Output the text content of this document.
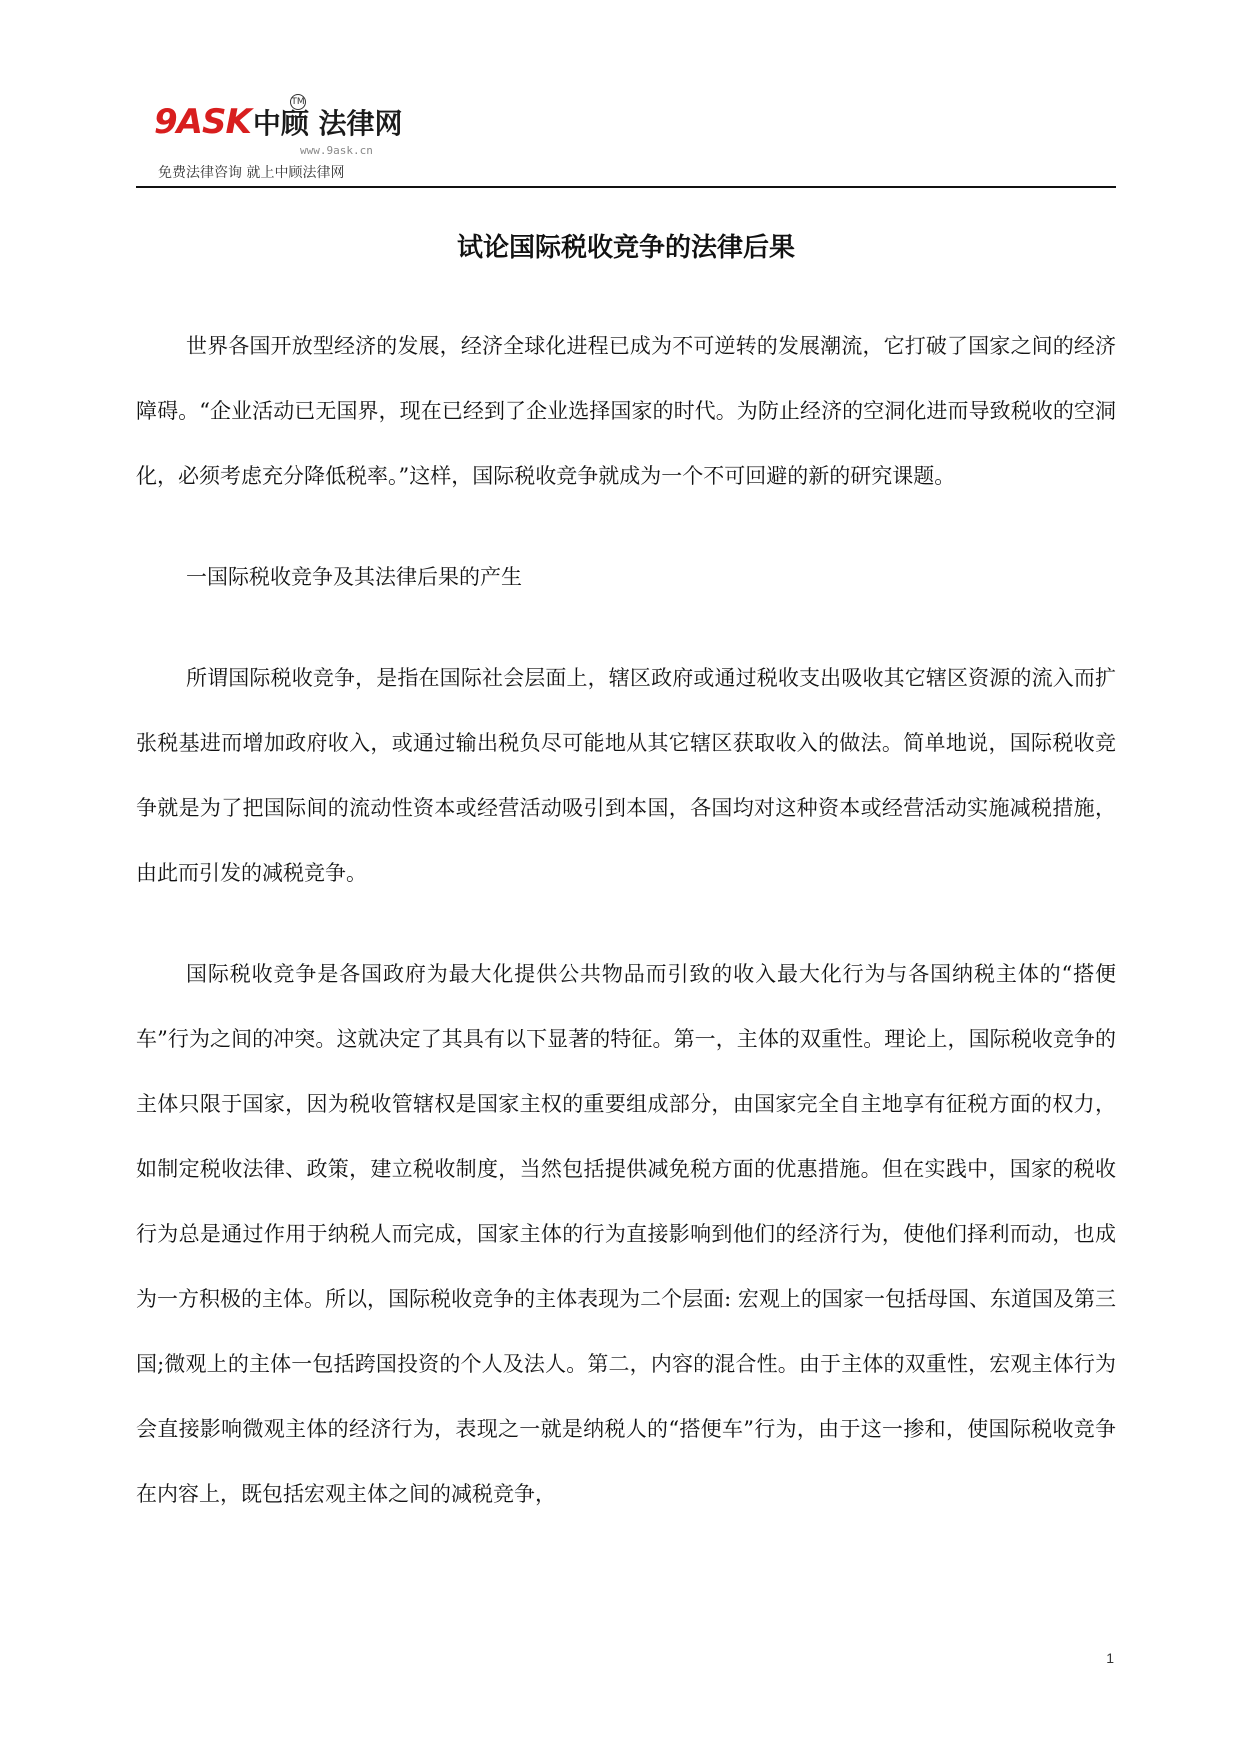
9ASK中顾 法律网
TM
www.9ask.cn
免费法律咨询 就上中顾法律网
试论国际税收竞争的法律后果

世界各国开放型经济的发展，经济全球化进程已成为不可逆转的发展潮流，它打破了国家之间的经济障碍。“企业活动已无国界，现在已经到了企业选择国家的时代。为防止经济的空洞化进而导致税收的空洞化，必须考虑充分降低税率。”这样，国际税收竞争就成为一个不可回避的新的研究课题。

一国际税收竞争及其法律后果的产生

所谓国际税收竞争，是指在国际社会层面上，辖区政府或通过税收支出吸收其它辖区资源的流入而扩张税基进而增加政府收入，或通过输出税负尽可能地从其它辖区获取收入的做法。简单地说，国际税收竞争就是为了把国际间的流动性资本或经营活动吸引到本国，各国均对这种资本或经营活动实施减税措施，由此而引发的减税竞争。

国际税收竞争是各国政府为最大化提供公共物品而引致的收入最大化行为与各国纳税主体的“搭便车”行为之间的冲突。这就决定了其具有以下显著的特征。第一，主体的双重性。理论上，国际税收竞争的主体只限于国家，因为税收管辖权是国家主权的重要组成部分，由国家完全自主地享有征税方面的权力，如制定税收法律、政策，建立税收制度，当然包括提供减免税方面的优惠措施。但在实践中，国家的税收行为总是通过作用于纳税人而完成，国家主体的行为直接影响到他们的经济行为，使他们择利而动，也成为一方积极的主体。所以，国际税收竞争的主体表现为二个层面: 宏观上的国家一包括母国、东道国及第三国;微观上的主体一包括跨国投资的个人及法人。第二，内容的混合性。由于主体的双重性，宏观主体行为会直接影响微观主体的经济行为，表现之一就是纳税人的“搭便车”行为，由于这一掺和，使国际税收竞争在内容上，既包括宏观主体之间的减税竞争，

1
